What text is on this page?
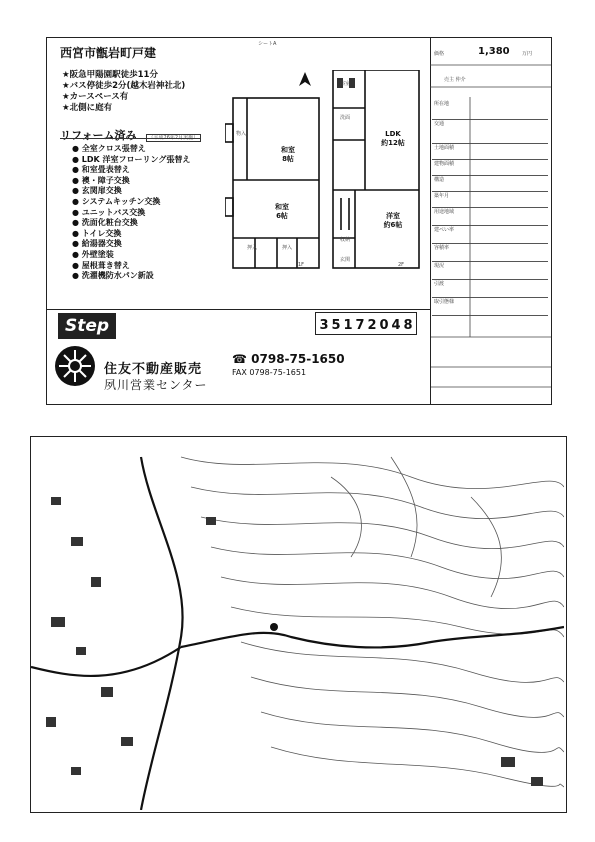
シートA
西宮市甑岩町戸建
★阪急甲陽園駅徒歩11分
★バス停徒歩2分(越木岩神社北)
★カースペース有
★北側に庭有
リフォーム済み （平成26年2月実施）
● 全室クロス張替え
● LDK 洋室フローリング張替え
● 和室畳表替え
● 襖・障子交換
● 玄関扉交換
● システムキッチン交換
● ユニットバス交換
● 洗面化粧台交換
● トイレ交換
● 給湯器交換
● 外壁塗装
● 屋根葺き替え
● 洗濯機防水パン新設
和室
8帖
和室
6帖
LDK
約12帖
洋室
約6帖
押入	押入
物入
浴室
洗面
玄関
収納
1F	2F
価格	1,380 万円
売主 仲介
所在地
交通
土地面積
建物面積
構造
築年月
用途地域
建ぺい率
容積率
現況
引渡
取引態様
Step	3 5 1 7 2 0 4 8
☎ 0798-75-1650
FAX 0798-75-1651
住友不動産販売
夙川営業センター
